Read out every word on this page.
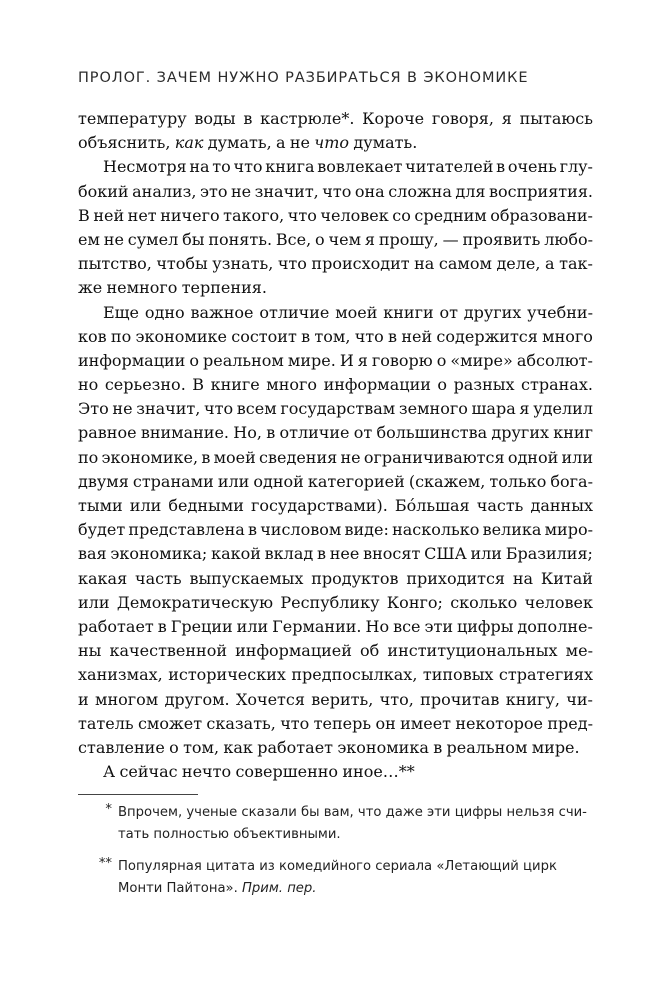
ПРОЛОГ. ЗАЧЕМ НУЖНО РАЗБИРАТЬСЯ В ЭКОНОМИКЕ
температуру воды в кастрюле*. Короче говоря, я пытаюсь
объяснить, как думать, а не что думать.
Несмотря на то что книга вовлекает читателей в очень глу-
бокий анализ, это не значит, что она сложна для восприятия.
В ней нет ничего такого, что человек со средним образовани-
ем не сумел бы понять. Все, о чем я прошу, — проявить любо-
пытство, чтобы узнать, что происходит на самом деле, а так-
же немного терпения.
Еще одно важное отличие моей книги от других учебни-
ков по экономике состоит в том, что в ней содержится много
информации о реальном мире. И я говорю о «мире» абсолют-
но серьезно. В книге много информации о разных странах.
Это не значит, что всем государствам земного шара я уделил
равное внимание. Но, в отличие от большинства других книг
по экономике, в моей сведения не ограничиваются одной или
двумя странами или одной категорией (скажем, только бога-
тыми или бедными государствами). Бо́льшая часть данных
будет представлена в числовом виде: насколько велика миро-
вая экономика; какой вклад в нее вносят США или Бразилия;
какая часть выпускаемых продуктов приходится на Китай
или Демократическую Республику Конго; сколько человек
работает в Греции или Германии. Но все эти цифры дополне-
ны качественной информацией об институциональных ме-
ханизмах, исторических предпосылках, типовых стратегиях
и многом другом. Хочется верить, что, прочитав книгу, чи-
татель сможет сказать, что теперь он имеет некоторое пред-
ставление о том, как работает экономика в реальном мире.
А сейчас нечто совершенно иное…**
* Впрочем, ученые сказали бы вам, что даже эти цифры нельзя счи-
тать полностью объективными.
** Популярная цитата из комедийного сериала «Летающий цирк
Монти Пайтона». Прим. пер.
